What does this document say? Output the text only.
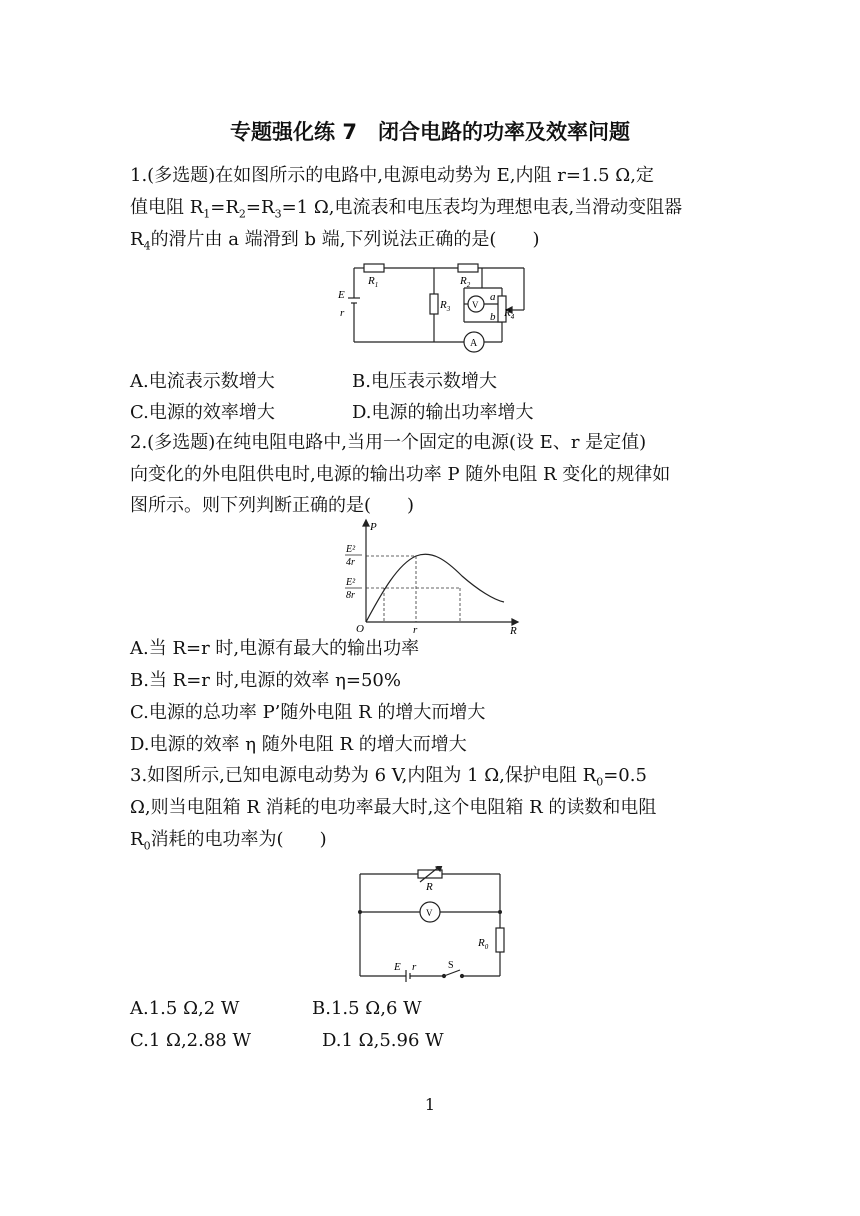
专题强化练 7　闭合电路的功率及效率问题
1.(多选题)在如图所示的电路中,电源电动势为 E,内阻 r=1.5 Ω,定
值电阻 $R_1=R_2=R_3=1$ Ω,电流表和电压表均为理想电表,当滑动变阻器
$R_4$的滑片由 a 端滑到 b 端,下列说法正确的是(　　)
E
r
$R_1$	$R_2$
$R_3$	$R_4$
a
b
V
A
A.电流表示数增大	B.电压表示数增大
C.电源的效率增大	D.电源的输出功率增大
2.(多选题)在纯电阻电路中,当用一个固定的电源(设 E、r 是定值)
向变化的外电阻供电时,电源的输出功率 P 随外电阻 R 变化的规律如
图所示。则下列判断正确的是(　　)
P
R
O	r
E²
4r
E²
8r
A.当 R=r 时,电源有最大的输出功率
B.当 R=r 时,电源的效率 η=50%
C.电源的总功率 P’随外电阻 R 的增大而增大
D.电源的效率 η 随外电阻 R 的增大而增大
3.如图所示,已知电源电动势为 6 V,内阻为 1 Ω,保护电阻 $R_0=0.5$
Ω,则当电阻箱 R 消耗的电功率最大时,这个电阻箱 R 的读数和电阻
$R_0$消耗的电功率为(　　)
R
V
$R_0$
E r	S
A.1.5 Ω,2 W	B.1.5 Ω,6 W
C.1 Ω,2.88 W	D.1 Ω,5.96 W
1
